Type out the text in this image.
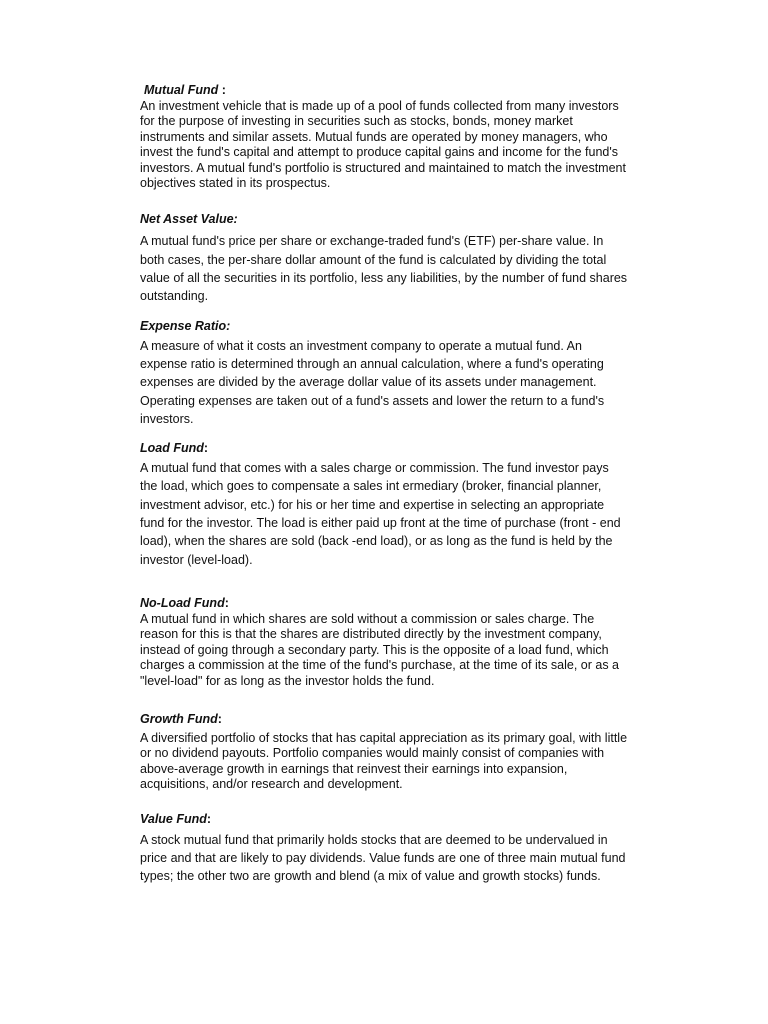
Mutual Fund :

An investment vehicle that is made up of a pool of funds collected from many investors for the purpose of investing in securities such as stocks, bonds, money market instruments and similar assets. Mutual funds are operated by money managers, who invest the fund's capital and attempt to produce capital gains and income for the fund's investors. A mutual fund's portfolio is structured and maintained to match the investment objectives stated in its prospectus.

Net Asset Value:

A mutual fund's price per share or exchange-traded fund's (ETF) per-share value. In both cases, the per-share dollar amount of the fund is calculated by dividing the total value of all the securities in its portfolio, less any liabilities, by the number of fund shares outstanding.

Expense Ratio:

A measure of what it costs an investment company to operate a mutual fund. An expense ratio is determined through an annual calculation, where a fund's operating expenses are divided by the average dollar value of its assets under management. Operating expenses are taken out of a fund's assets and lower the return to a fund's investors.

Load Fund:

A mutual fund that comes with a sales charge or commission. The fund investor pays the load, which goes to compensate a sales int ermediary (broker, financial planner, investment advisor, etc.) for his or her time and expertise in selecting an appropriate fund for the investor. The load is either paid up front at the time of purchase (front - end load), when the shares are sold (back -end load), or as long as the fund is held by the investor (level-load).

No-Load Fund:

A mutual fund in which shares are sold without a commission or sales charge. The reason for this is that the shares are distributed directly by the investment company, instead of going through a secondary party. This is the opposite of a load fund, which charges a commission at the time of the fund's purchase, at the time of its sale, or as a "level-load" for as long as the investor holds the fund.

Growth Fund:

A diversified portfolio of stocks that has capital appreciation as its primary goal, with little or no dividend payouts. Portfolio companies would mainly consist of companies with above-average growth in earnings that reinvest their earnings into expansion, acquisitions, and/or research and development.

Value Fund:

A stock mutual fund that primarily holds stocks that are deemed to be undervalued in price and that are likely to pay dividends. Value funds are one of three main mutual fund types; the other two are growth and blend (a mix of value and growth stocks) funds.
